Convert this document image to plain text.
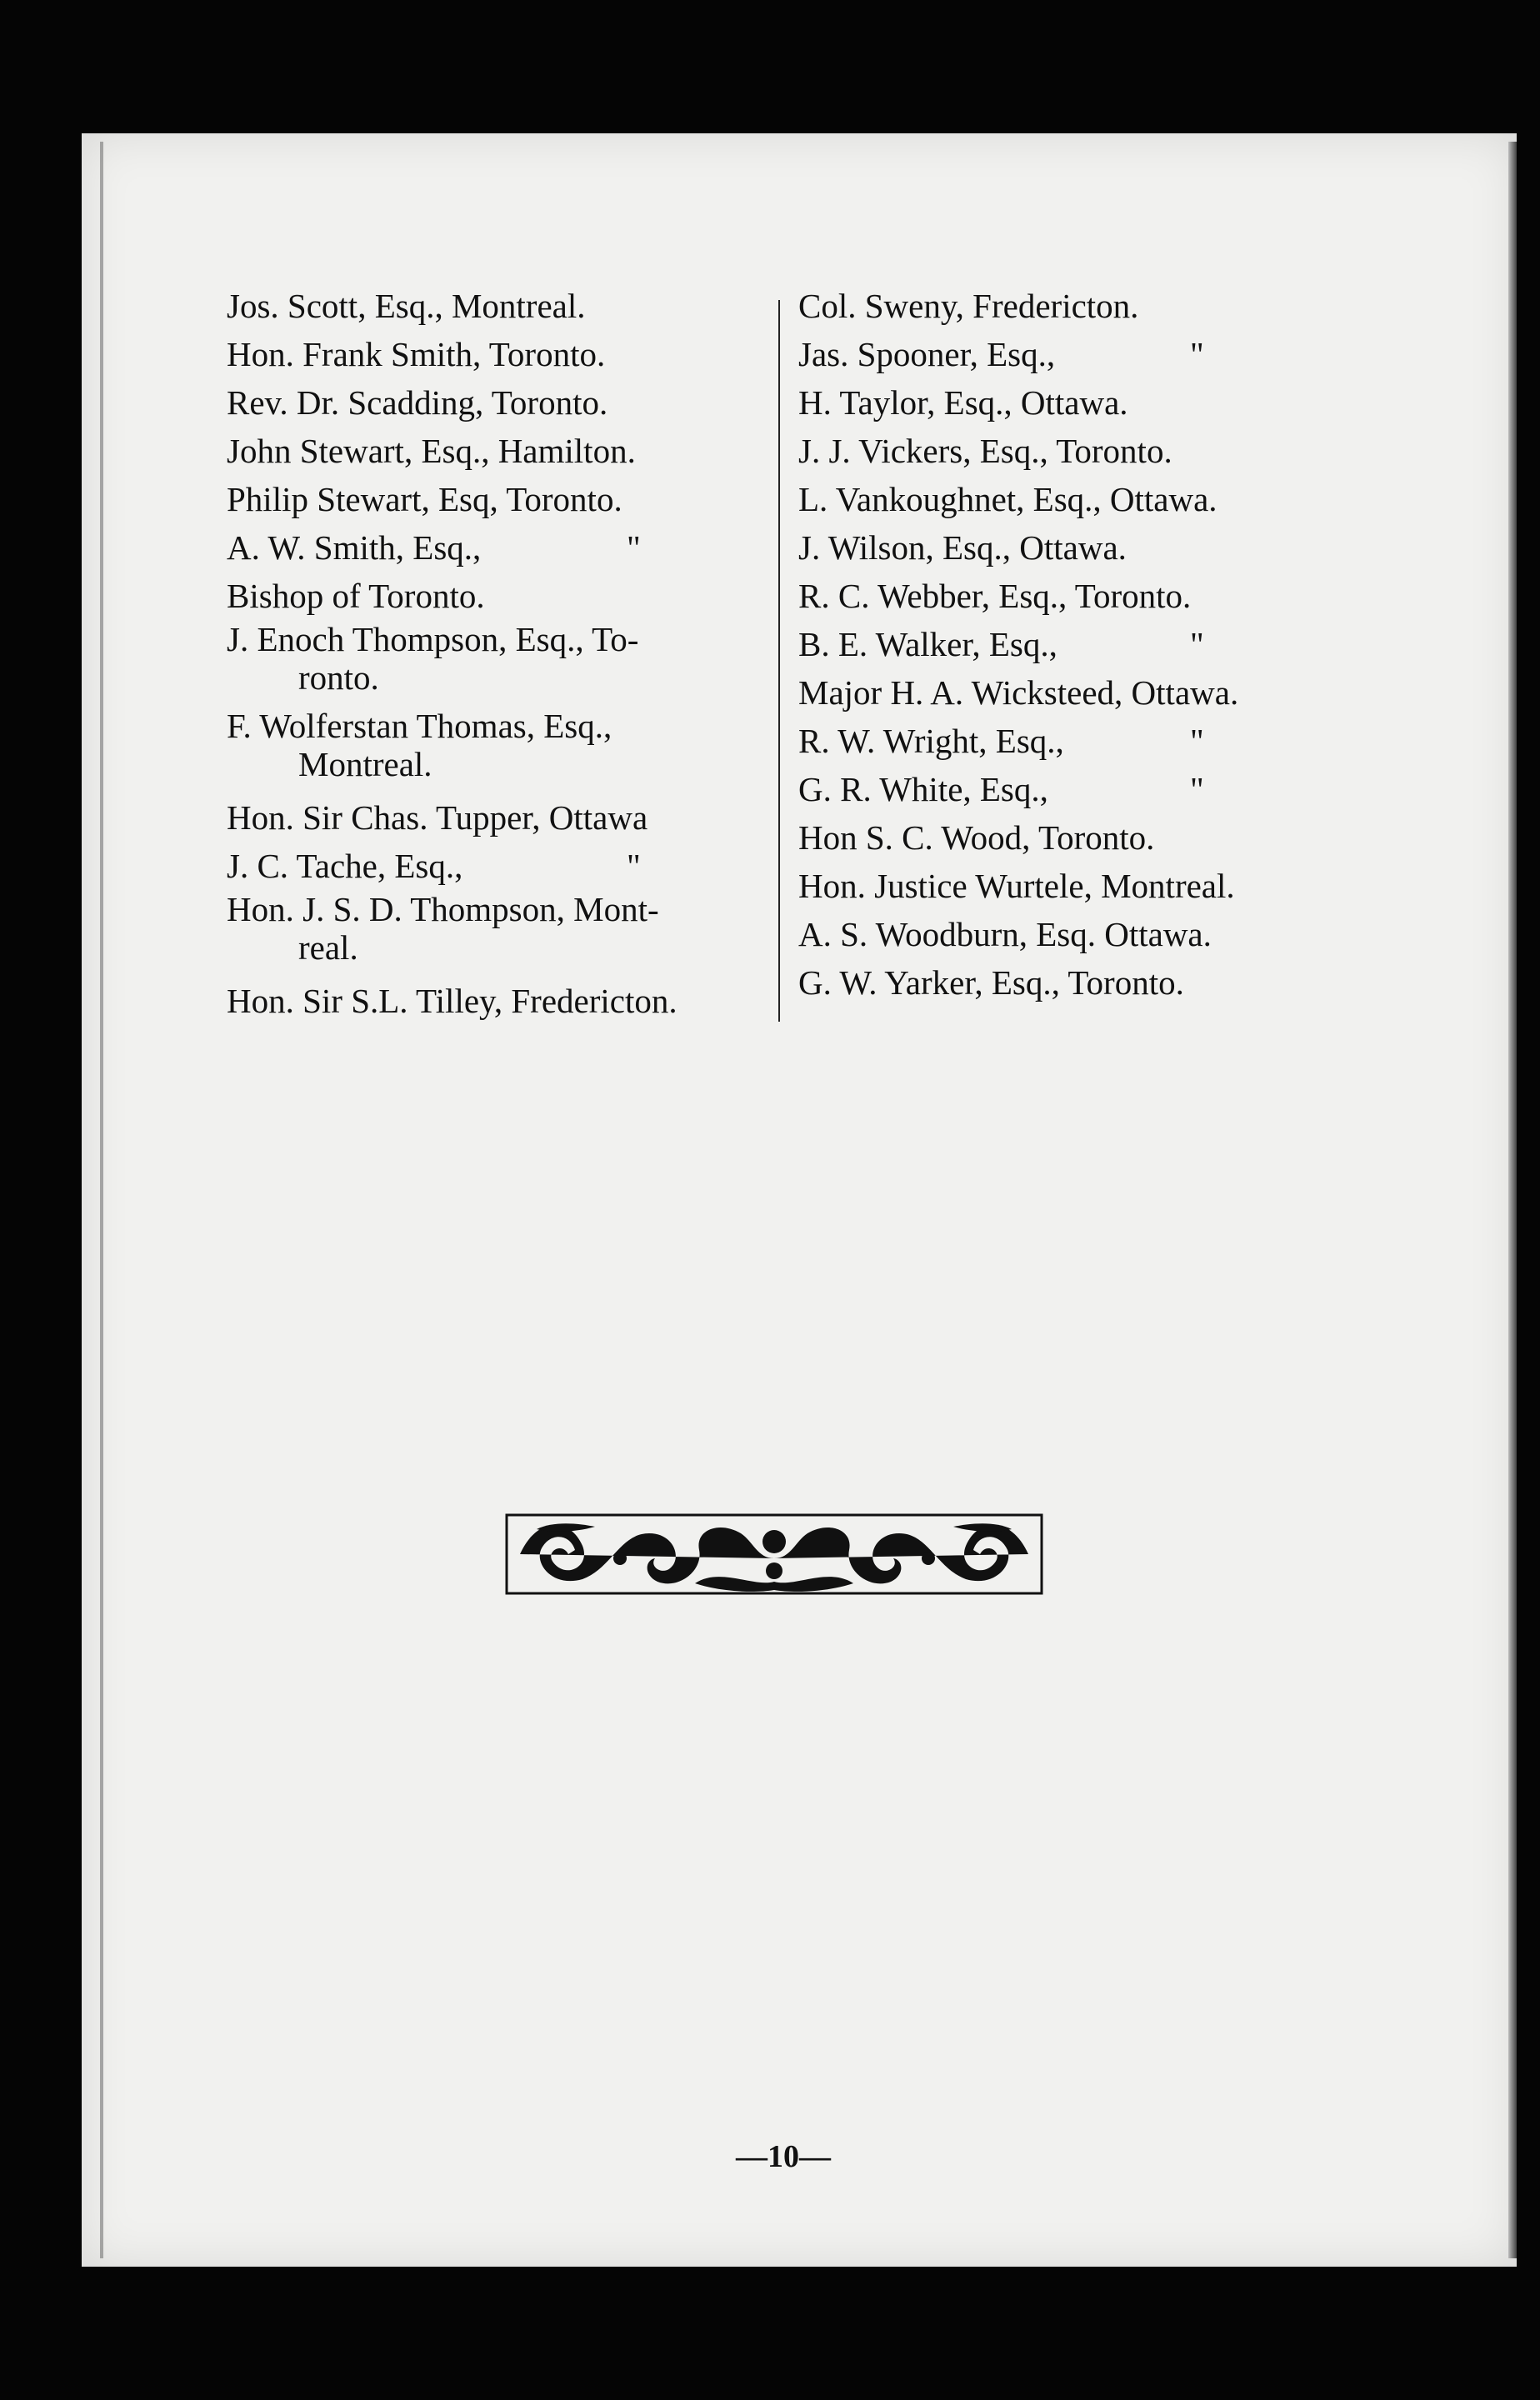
Jos. Scott, Esq., Montreal.
Hon. Frank Smith, Toronto.
Rev. Dr. Scadding, Toronto.
John Stewart, Esq., Hamilton.
Philip Stewart, Esq, Toronto.
A. W. Smith, Esq.,	"
Bishop of Toronto.
J. Enoch Thompson, Esq., To-
ronto.
F. Wolferstan Thomas, Esq.,
Montreal.
Hon. Sir Chas. Tupper, Ottawa
J. C. Tache, Esq.,	"
Hon. J. S. D. Thompson, Mont-
real.
Hon. Sir S.L. Tilley, Fredericton.
Col. Sweny, Fredericton.
Jas. Spooner, Esq.,	"
H. Taylor, Esq., Ottawa.
J. J. Vickers, Esq., Toronto.
L. Vankoughnet, Esq., Ottawa.
J. Wilson, Esq., Ottawa.
R. C. Webber, Esq., Toronto.
B. E. Walker, Esq.,	"
Major H. A. Wicksteed, Ottawa.
R. W. Wright, Esq.,	"
G. R. White, Esq.,	"
Hon S. C. Wood, Toronto.
Hon. Justice Wurtele, Montreal.
A. S. Woodburn, Esq. Ottawa.
G. W. Yarker, Esq., Toronto.
—10—
